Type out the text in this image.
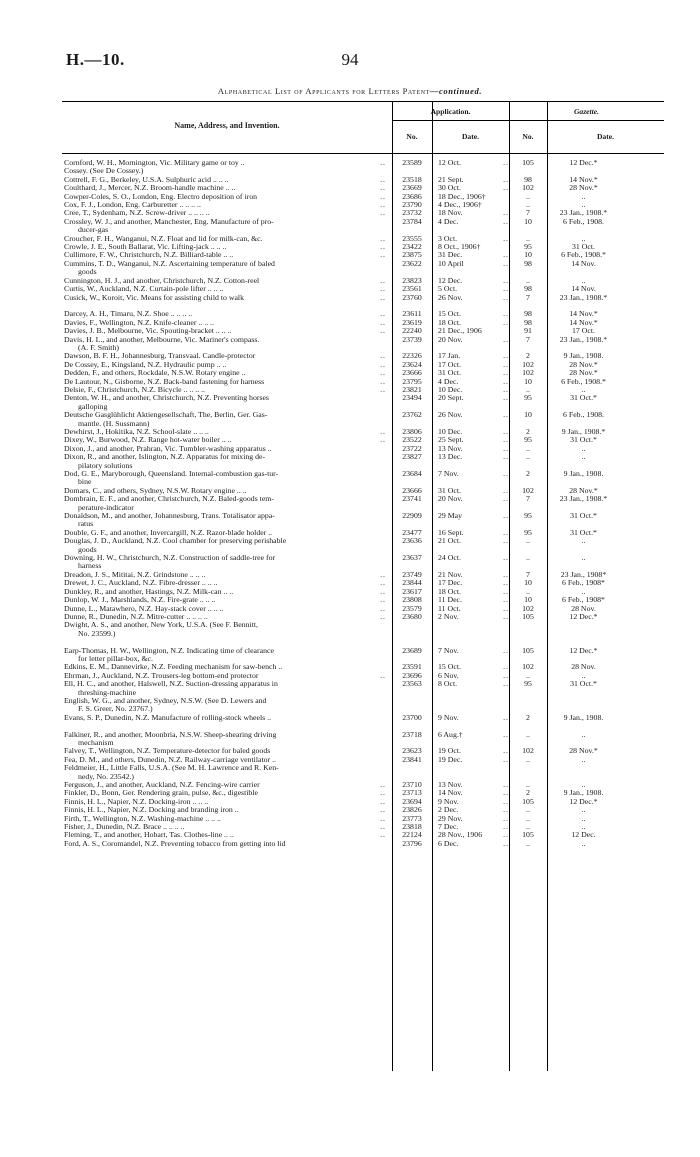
H.—10.	94
Alphabetical List of Applicants for Letters Patent—continued.
Name, Address, and Invention.
Application.	Gazette.
No.	Date.	No.	Date.
Cornford, W. H., Mornington, Vic. Military game or toy ..	..	23589	12 Oct.	..	105	12 Dec.*
Cossey. (See De Cossey.)
Cottrell, F. G., Berkeley, U.S.A. Sulphuric acid .. .. ..	..	23518	21 Sept.	..	98	14 Nov.*
Coulthard, J., Mercer, N.Z. Broom-handle machine .. ..	..	23669	30 Oct.	..	102	28 Nov.*
Cowper-Coles, S. O., London, Eng. Electro deposition of iron	..	23686	18 Dec., 1906†	..	..
Cox, F. J., London, Eng. Carburetter .. .. .. ..	..	23790	4 Dec., 1906†	..	..
Cree, T., Sydenham, N.Z. Screw-driver .. .. .. ..	..	23732	18 Nov.	..	7	23 Jan., 1908.*
Crossley, W. J., and another, Manchester, Eng. Manufacture of pro-
ducer-gas
23784	4 Dec.	..	10	6 Feb., 1908.
Croucher, F. H., Wanganui, N.Z. Float and lid for milk-can, &c.	..	23555	3 Oct.	..	..	..
Crowle, J. E., South Ballarat, Vic. Lifting-jack .. .. ..	..	23422	8 Oct., 1906†	95	31 Oct.
Cullimore, F. W., Christchurch, N.Z. Billiard-table .. ..	..	23875	31 Dec.	..	10	6 Feb., 1908.*
Cummins, T. D., Wanganui, N.Z. Ascertaining temperature of baled
goods
23622	10 April	..	98	14 Nov.
Cunnington, H. J., and another, Christchurch, N.Z. Cotton-reel	..	23823	12 Dec.	..	..	..
Curtis, W., Auckland, N.Z. Curtain-pole lifter .. .. ..	..	23561	5 Oct.	..	98	14 Nov.
Cusick, W., Koroit, Vic. Means for assisting child to walk	..	23760	26 Nov.	..	7	23 Jan., 1908.*
Darcey, A. H., Timaru, N.Z. Shoe .. .. .. ..	..	23611	15 Oct.	..	98	14 Nov.*
Davies, F., Wellington, N.Z. Knife-cleaner .. .. ..	..	23619	18 Oct.	..	98	14 Nov.*
Davies, J. B., Melbourne, Vic. Spouting-bracket .. .. ..	..	22240	21 Dec., 1906	91	17 Oct.
Davis, H. L., and another, Melbourne, Vic. Mariner's compass.
(A. F. Smith)
23739	20 Nov.	..	7	23 Jan., 1908.*
Dawson, B. F. H., Johannesburg, Transvaal. Candle-protector	..	22326	17 Jan.	..	2	9 Jan., 1908.
De Cossey, E., Kingsland, N.Z. Hydraulic pump .. ..	..	23624	17 Oct.	..	102	28 Nov.*
Dedden, F., and others, Rockdale, N.S.W. Rotary engine ..	..	23666	31 Oct.	..	102	28 Nov.*
De Lautour, N., Gisborne, N.Z. Back-band fastening for harness	..	23795	4 Dec.	..	10	6 Feb., 1908.*
Delsie, F., Christchurch, N.Z. Bicycle .. .. .. ..	..	23821	10 Dec.	..	..	..
Denton, W. H., and another, Christchurch, N.Z. Preventing horses
galloping
23494	20 Sept.	..	95	31 Oct.*
Deutsche Gasglühlicht Aktiengesellschaft, The, Berlin, Ger. Gas-
mantle. (H. Sussmann)
23762	26 Nov.	..	10	6 Feb., 1908.
Dewhirst, J., Hokitika, N.Z. School-slate .. .. ..	..	23806	10 Dec.	..	2	9 Jan., 1908.*
Dixey, W., Burwood, N.Z. Range hot-water boiler .. ..	..	23522	25 Sept.	..	95	31 Oct.*
Dixon, J., and another, Prahran, Vic. Tumbler-washing apparatus ..	23722	13 Nov.	..	..	..
Dixon, R., and another, Islington, N.Z. Apparatus for mixing de-
pilatory solutions
23827	13 Dec.	..	..	..
Dod, G. E., Maryborough, Queensland. Internal-combustion gas-tur-
bine
23684	7 Nov.	..	2	9 Jan., 1908.
Domars, C., and others, Sydney, N.S.W. Rotary engine .. ..	23666	31 Oct.	..	102	28 Nov.*
Dombrain, E. F., and another, Christchurch, N.Z. Baled-goods tem-
perature-indicator
23741	20 Nov.	..	7	23 Jan., 1908.*
Donaldson, M., and another, Johannesburg, Trans. Totalisator appa-
ratus
22909	29 May	..	95	31 Oct.*
Double, G. F., and another, Invercargill, N.Z. Razor-blade holder ..	23477	16 Sept.	..	95	31 Oct.*
Douglas, J. D., Auckland, N.Z. Cool chamber for preserving perishable
goods
23636	21 Oct.	..	..	..
Downing, H. W., Christchurch, N.Z. Construction of saddle-tree for
harness
23637	24 Oct.	..	..	..
Dreadon, J. S., Mititai, N.Z. Grindstone .. .. ..	..	23749	21 Nov.	..	7	23 Jan., 1908*
Drewet, J. C., Auckland, N.Z. Fibre-dresser .. .. ..	..	23844	17 Dec.	..	10	6 Feb., 1908*
Dunkley, R., and another, Hastings, N.Z. Milk-can .. ..	..	23617	18 Oct.	..	..	..
Dunlop, W. J., Marshlands, N.Z. Fire-grate .. .. ..	..	23808	11 Dec.	..	10	6 Feb., 1908*
Dunne, L., Matawhero, N.Z. Hay-stack cover .. .. ..	..	23579	11 Oct.	..	102	28 Nov.
Dunne, R., Dunedin, N.Z. Mitre-cutter .. .. .. ..	..	23680	2 Nov.	..	105	12 Dec.*
Dwight, A. S., and another, New York, U.S.A. (See F. Bennitt,
No. 23599.)
Earp-Thomas, H. W., Wellington, N.Z. Indicating time of clearance
for letter pillar-box, &c.
23689	7 Nov.	..	105	12 Dec.*
Edkins, E. M., Dannevirke, N.Z. Feeding mechanism for saw-bench ..	23591	15 Oct.	..	102	28 Nov.
Ehrman, J., Auckland, N.Z. Trousers-leg bottom-end protector	..	23696	6 Nov.	..	..	..
Ell, H. C., and another, Halswell, N.Z. Suction-dressing apparatus in
threshing-machine
23563	8 Oct.	..	95	31 Oct.*
English, W. G., and another, Sydney, N.S.W. (See D. Lewers and
F. S. Greer, No. 23767.)
Evans, S. P., Dunedin, N.Z. Manufacture of rolling-stock wheels ..	23700	9 Nov.	..	2	9 Jan., 1908.
Falkiner, R., and another, Moonbria, N.S.W. Sheep-shearing driving
mechanism
23718	6 Aug.†	..	..	..
Falvey, T., Wellington, N.Z. Temperature-detector for baled goods	23623	19 Oct.	..	102	28 Nov.*
Fea, D. M., and others, Dunedin, N.Z. Railway-carriage ventilator ..	23841	19 Dec.	..	..	..
Feldmeier, H., Little Falls, U.S.A. (See M. H. Lawrence and R. Ken-
nedy, No. 23542.)
Ferguson, J., and another, Auckland, N.Z. Fencing-wire carrier	..	23710	13 Nov.	..	..	..
Finkler, D., Bonn, Ger. Rendering grain, pulse, &c., digestible	..	23713	14 Nov.	..	2	9 Jan., 1908.
Finnis, H. L., Napier, N.Z. Docking-iron .. .. ..	..	23694	9 Nov.	..	105	12 Dec.*
Finnis, H. L., Napier, N.Z. Docking and branding iron ..	..	23826	2 Dec.	..	..	..
Firth, T., Wellington, N.Z. Washing-machine .. .. ..	..	23773	29 Nov.	..	..	..
Fisher, J., Dunedin, N.Z. Brace .. .. .. ..	..	23818	7 Dec.	..	..	..
Fleming, T., and another, Hobart, Tas. Clothes-line .. ..	..	22124	28 Nov., 1906	..	105	12 Dec.
Ford, A. S., Coromandel, N.Z. Preventing tobacco from getting into lid	23796	6 Dec.	..	..	..
